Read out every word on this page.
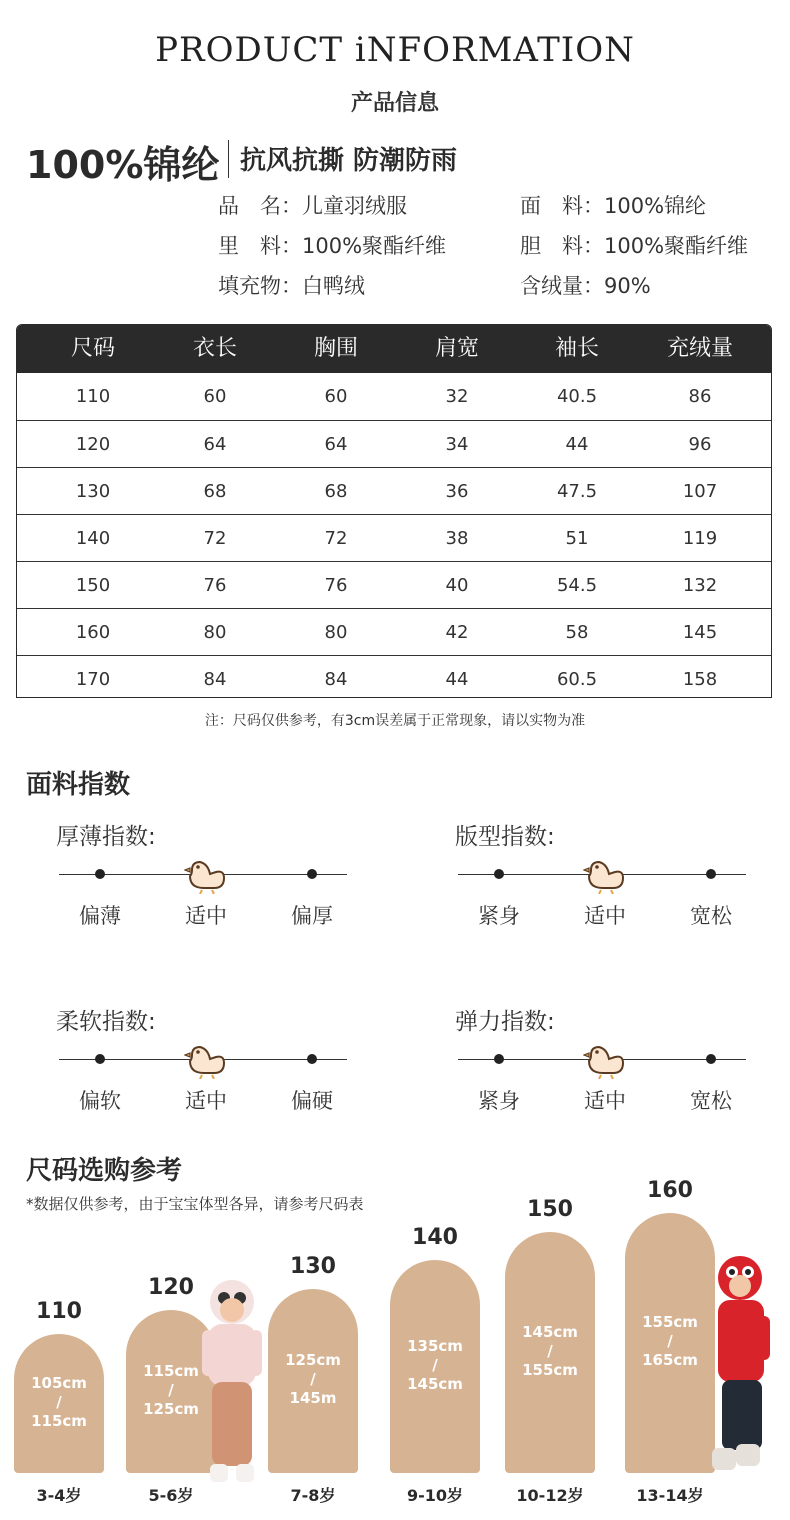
PRODUCT iNFORMATION
产品信息
100%锦纶 抗风抗撕 防潮防雨
品　名：儿童羽绒服	面　料：100%锦纶
里　料：100%聚酯纤维	胆　料：100%聚酯纤维
填充物：白鸭绒	含绒量：90%
尺码	衣长	胸围	肩宽	袖长	充绒量
110	60	60	32	40.5	86
120	64	64	34	44	96
130	68	68	36	47.5	107
140	72	72	38	51	119
150	76	76	40	54.5	132
160	80	80	42	58	145
170	84	84	44	60.5	158
注：尺码仅供参考，有3cm误差属于正常现象，请以实物为准
面料指数
厚薄指数:
偏薄	适中	偏厚
版型指数:
紧身	适中	宽松
柔软指数:
偏软	适中	偏硬
弹力指数:
紧身	适中	宽松
尺码选购参考
*数据仅供参考，由于宝宝体型各异，请参考尺码表
110
105cm
/
115cm
3-4岁
120
115cm
/
125cm
5-6岁
130
125cm
/
145m
7-8岁
140
135cm
/
145cm
9-10岁
150
145cm
/
155cm
10-12岁
160
155cm
/
165cm
13-14岁
